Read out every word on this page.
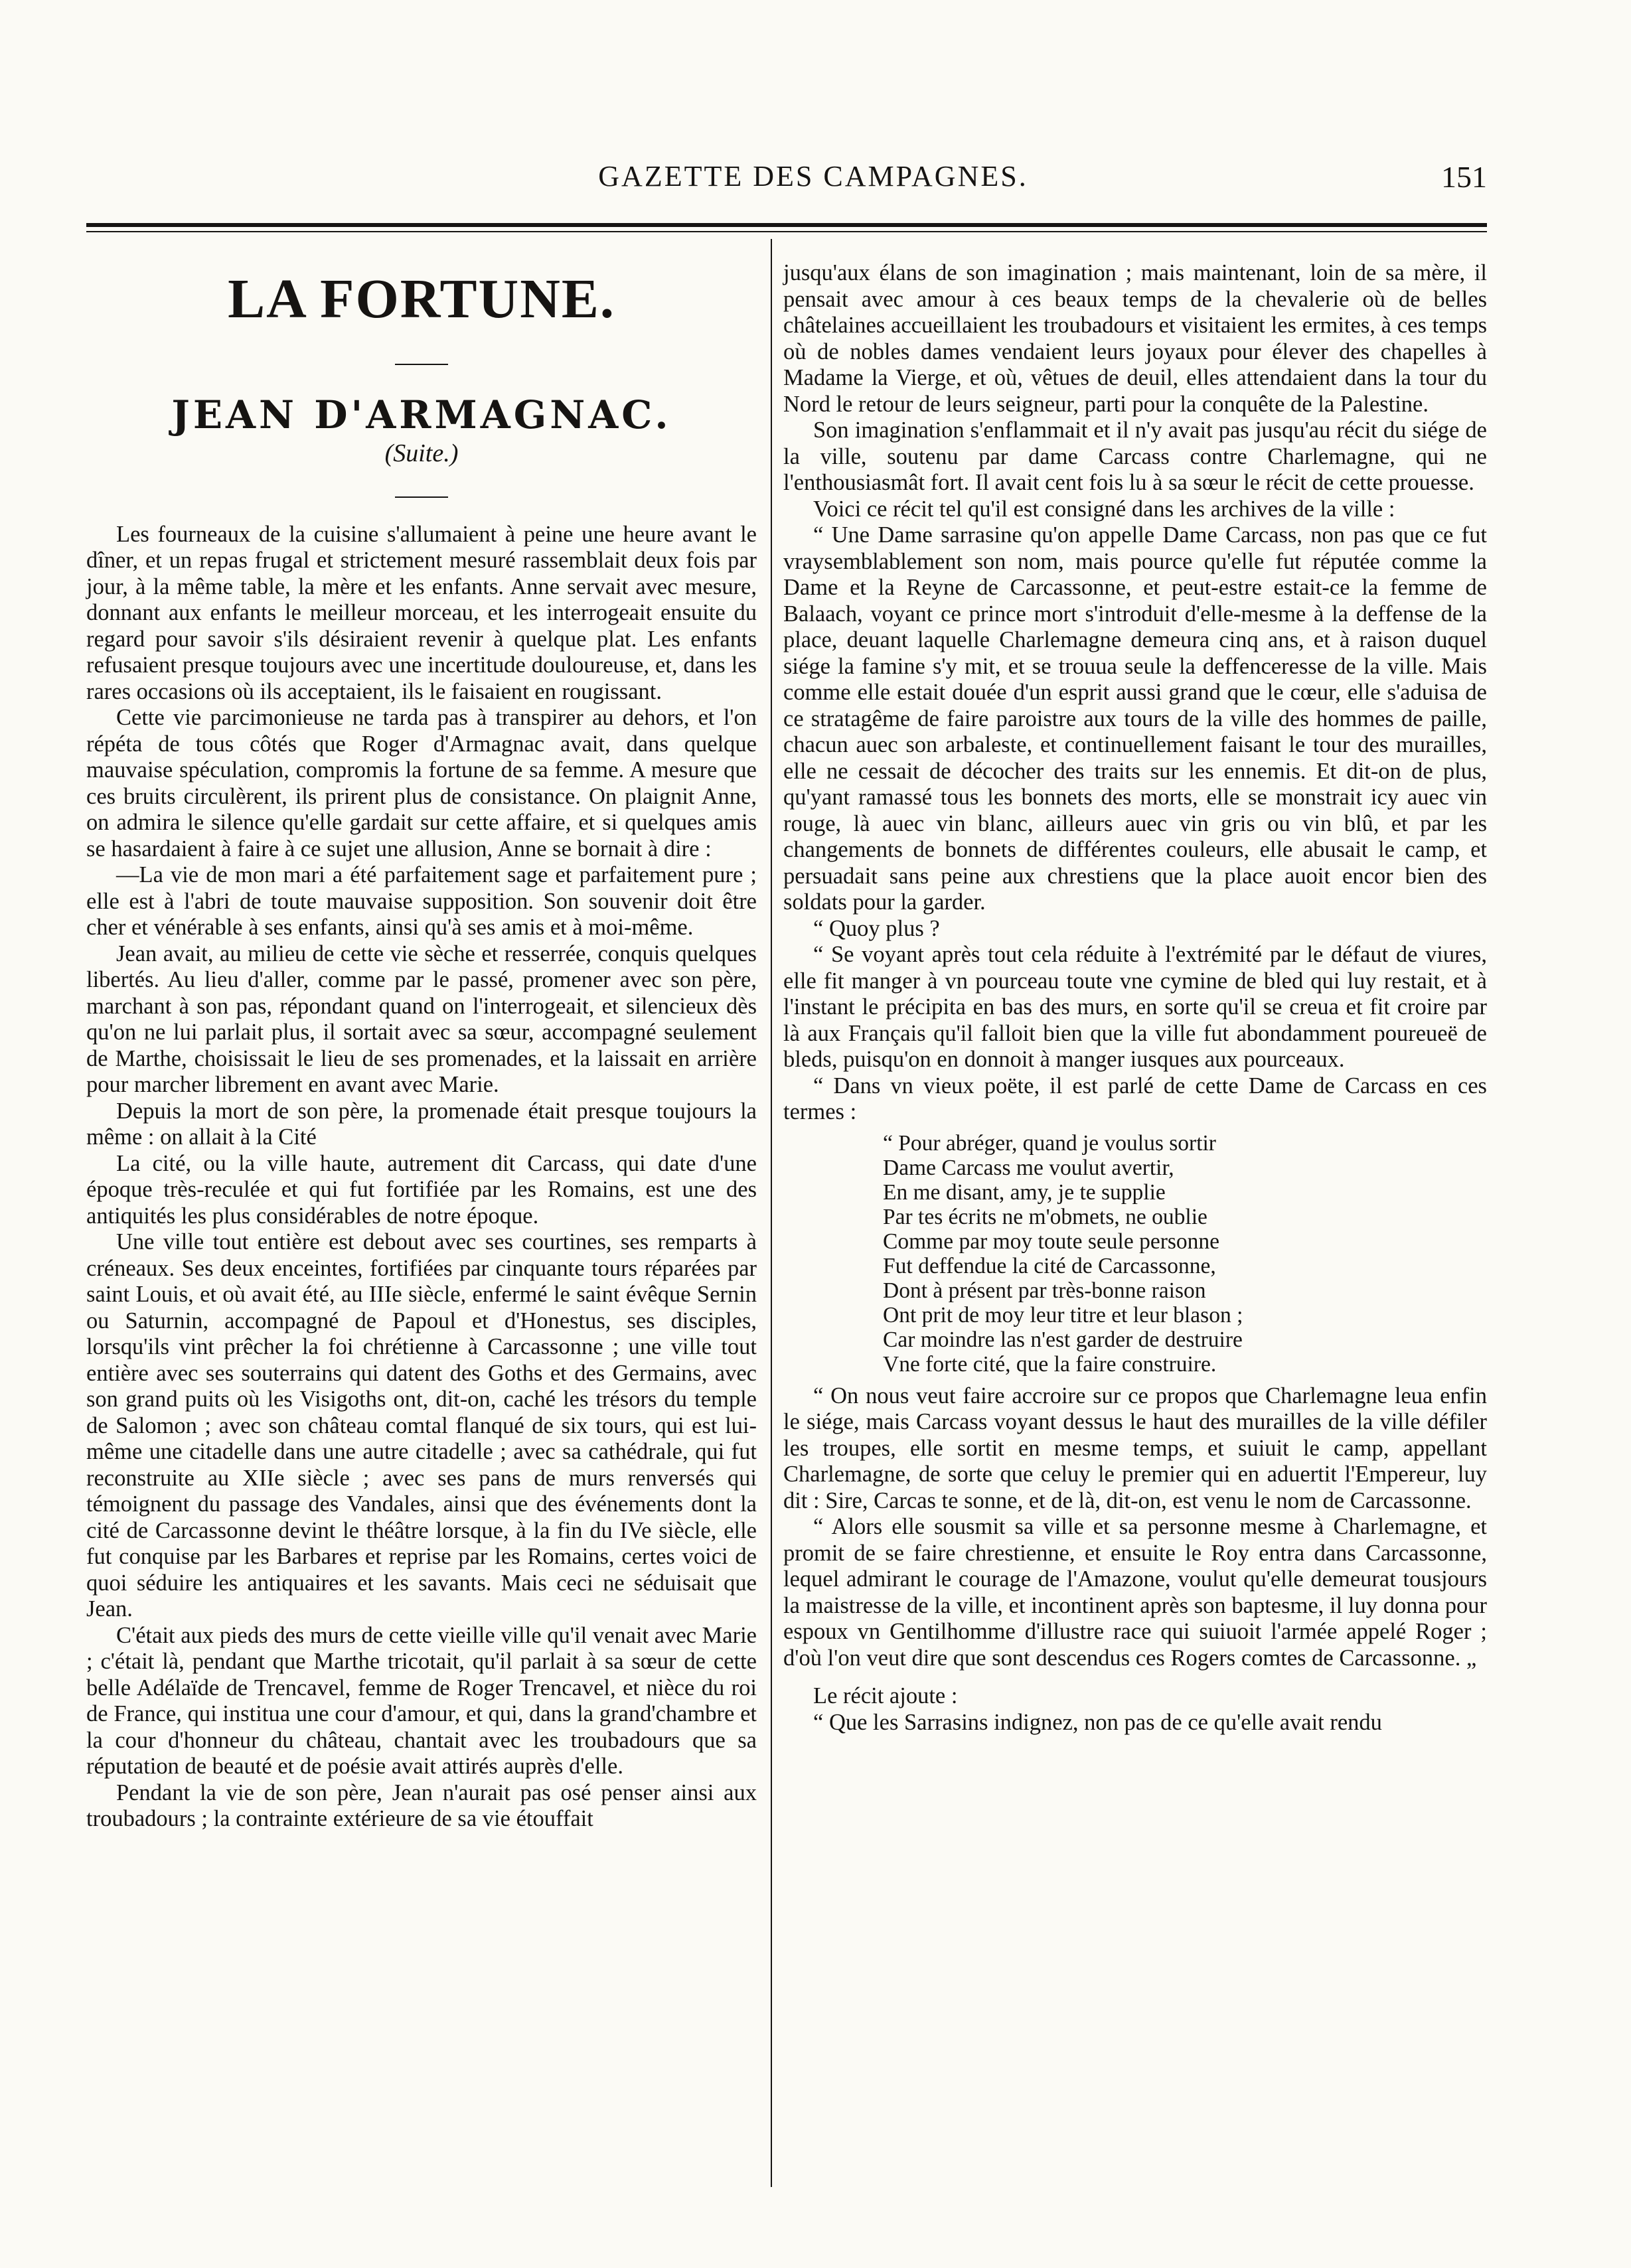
GAZETTE DES CAMPAGNES.	151
LA FORTUNE.
JEAN D'ARMAGNAC.
(Suite.)

Les fourneaux de la cuisine s'allumaient à peine une heure avant le dîner, et un repas frugal et strictement mesuré rassemblait deux fois par jour, à la même table, la mère et les enfants. Anne servait avec mesure, donnant aux enfants le meilleur morceau, et les interrogeait ensuite du regard pour savoir s'ils désiraient revenir à quelque plat. Les enfants refusaient presque toujours avec une incertitude douloureuse, et, dans les rares occasions où ils acceptaient, ils le faisaient en rougissant.

Cette vie parcimonieuse ne tarda pas à transpirer au dehors, et l'on répéta de tous côtés que Roger d'Armagnac avait, dans quelque mauvaise spéculation, compromis la fortune de sa femme. A mesure que ces bruits circulèrent, ils prirent plus de consistance. On plaignit Anne, on admira le silence qu'elle gardait sur cette affaire, et si quelques amis se hasardaient à faire à ce sujet une allusion, Anne se bornait à dire :

—La vie de mon mari a été parfaitement sage et parfaitement pure ; elle est à l'abri de toute mauvaise supposition. Son souvenir doit être cher et vénérable à ses enfants, ainsi qu'à ses amis et à moi-même.

Jean avait, au milieu de cette vie sèche et resserrée, conquis quelques libertés. Au lieu d'aller, comme par le passé, promener avec son père, marchant à son pas, répondant quand on l'interrogeait, et silencieux dès qu'on ne lui parlait plus, il sortait avec sa sœur, accompagné seulement de Marthe, choisissait le lieu de ses promenades, et la laissait en arrière pour marcher librement en avant avec Marie.

Depuis la mort de son père, la promenade était presque toujours la même : on allait à la Cité

La cité, ou la ville haute, autrement dit Carcass, qui date d'une époque très-reculée et qui fut fortifiée par les Romains, est une des antiquités les plus considérables de notre époque.

Une ville tout entière est debout avec ses courtines, ses remparts à créneaux. Ses deux enceintes, fortifiées par cinquante tours réparées par saint Louis, et où avait été, au IIIe siècle, enfermé le saint évêque Sernin ou Saturnin, accompagné de Papoul et d'Honestus, ses disciples, lorsqu'ils vint prêcher la foi chrétienne à Carcassonne ; une ville tout entière avec ses souterrains qui datent des Goths et des Germains, avec son grand puits où les Visigoths ont, dit-on, caché les trésors du temple de Salomon ; avec son château comtal flanqué de six tours, qui est lui-même une citadelle dans une autre citadelle ; avec sa cathédrale, qui fut reconstruite au XIIe siècle ; avec ses pans de murs renversés qui témoignent du passage des Vandales, ainsi que des événements dont la cité de Carcassonne devint le théâtre lorsque, à la fin du IVe siècle, elle fut conquise par les Barbares et reprise par les Romains, certes voici de quoi séduire les antiquaires et les savants. Mais ceci ne séduisait que Jean.

C'était aux pieds des murs de cette vieille ville qu'il venait avec Marie ; c'était là, pendant que Marthe tricotait, qu'il parlait à sa sœur de cette belle Adélaïde de Trencavel, femme de Roger Trencavel, et nièce du roi de France, qui institua une cour d'amour, et qui, dans la grand'chambre et la cour d'honneur du château, chantait avec les troubadours que sa réputation de beauté et de poésie avait attirés auprès d'elle.

Pendant la vie de son père, Jean n'aurait pas osé penser ainsi aux troubadours ; la contrainte extérieure de sa vie étouffait

jusqu'aux élans de son imagination ; mais maintenant, loin de sa mère, il pensait avec amour à ces beaux temps de la chevalerie où de belles châtelaines accueillaient les troubadours et visitaient les ermites, à ces temps où de nobles dames vendaient leurs joyaux pour élever des chapelles à Madame la Vierge, et où, vêtues de deuil, elles attendaient dans la tour du Nord le retour de leurs seigneur, parti pour la conquête de la Palestine.

Son imagination s'enflammait et il n'y avait pas jusqu'au récit du siége de la ville, soutenu par dame Carcass contre Charlemagne, qui ne l'enthousiasmât fort. Il avait cent fois lu à sa sœur le récit de cette prouesse.

Voici ce récit tel qu'il est consigné dans les archives de la ville :

“ Une Dame sarrasine qu'on appelle Dame Carcass, non pas que ce fut vraysemblablement son nom, mais pource qu'elle fut réputée comme la Dame et la Reyne de Carcassonne, et peut-estre estait-ce la femme de Balaach, voyant ce prince mort s'introduit d'elle-mesme à la deffense de la place, deuant laquelle Charlemagne demeura cinq ans, et à raison duquel siége la famine s'y mit, et se trouua seule la deffenceresse de la ville. Mais comme elle estait douée d'un esprit aussi grand que le cœur, elle s'aduisa de ce stratagême de faire paroistre aux tours de la ville des hommes de paille, chacun auec son arbaleste, et continuellement faisant le tour des murailles, elle ne cessait de décocher des traits sur les ennemis. Et dit-on de plus, qu'yant ramassé tous les bonnets des morts, elle se monstrait icy auec vin rouge, là auec vin blanc, ailleurs auec vin gris ou vin blû, et par les changements de bonnets de différentes couleurs, elle abusait le camp, et persuadait sans peine aux chrestiens que la place auoit encor bien des soldats pour la garder.

“ Quoy plus ?

“ Se voyant après tout cela réduite à l'extrémité par le défaut de viures, elle fit manger à vn pourceau toute vne cymine de bled qui luy restait, et à l'instant le précipita en bas des murs, en sorte qu'il se creua et fit croire par là aux Français qu'il falloit bien que la ville fut abondamment poureueë de bleds, puisqu'on en donnoit à manger iusques aux pourceaux.

“ Dans vn vieux poëte, il est parlé de cette Dame de Carcass en ces termes :

“ Pour abréger, quand je voulus sortir
Dame Carcass me voulut avertir,
En me disant, amy, je te supplie
Par tes écrits ne m'obmets, ne oublie
Comme par moy toute seule personne
Fut deffendue la cité de Carcassonne,
Dont à présent par très-bonne raison
Ont prit de moy leur titre et leur blason ;
Car moindre las n'est garder de destruire
Vne forte cité, que la faire construire.

“ On nous veut faire accroire sur ce propos que Charlemagne leua enfin le siége, mais Carcass voyant dessus le haut des murailles de la ville défiler les troupes, elle sortit en mesme temps, et suiuit le camp, appellant Charlemagne, de sorte que celuy le premier qui en aduertit l'Empereur, luy dit : Sire, Carcas te sonne, et de là, dit-on, est venu le nom de Carcassonne.

“ Alors elle sousmit sa ville et sa personne mesme à Charlemagne, et promit de se faire chrestienne, et ensuite le Roy entra dans Carcassonne, lequel admirant le courage de l'Amazone, voulut qu'elle demeurat tousjours la maistresse de la ville, et incontinent après son baptesme, il luy donna pour espoux vn Gentilhomme d'illustre race qui suiuoit l'armée appelé Roger ; d'où l'on veut dire que sont descendus ces Rogers comtes de Carcassonne. „

Le récit ajoute :

“ Que les Sarrasins indignez, non pas de ce qu'elle avait rendu
